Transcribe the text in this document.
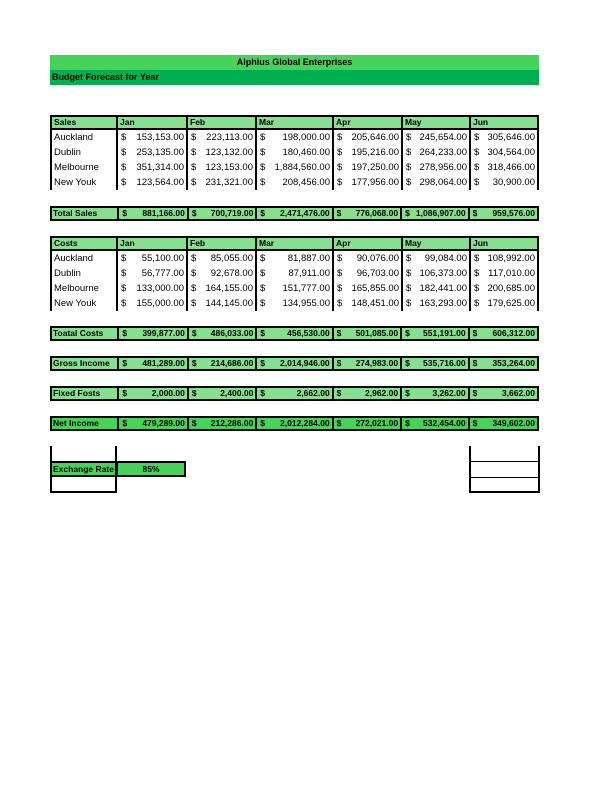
Alphius Global Enterprises
Budget Forecast for Year
Sales	Jan	Feb	Mar	Apr	May	Jun
Auckland	$ 153,153.00 $ 223,113.00 $ 198,000.00 $ 205,646.00 $ 245,654.00 $ 305,646.00
Dublin	$ 253,135.00 $ 123,132.00 $ 180,460.00 $ 195,216.00 $ 264,233.00 $ 304,564.00
Melbourne	$ 351,314.00 $ 123,153.00 $ 1,884,560.00 $ 197,250.00 $ 278,956.00 $ 318,466.00
New Youk	$ 123,564.00 $ 231,321.00 $ 208,456.00 $ 177,956.00 $ 298,064.00 $ 30,900.00
Total Sales	$ 881,166.00 $ 700,719.00 $ 2,471,476.00 $ 776,068.00 $ 1,086,907.00 $ 959,576.00
Costs	Jan	Feb	Mar	Apr	May	Jun
Auckland	$ 55,100.00 $ 85,055.00 $ 81,887.00 $ 90,076.00 $ 99,084.00 $ 108,992.00
Dublin	$ 56,777.00 $ 92,678.00 $ 87,911.00 $ 96,703.00 $ 106,373.00 $ 117,010.00
Melbourne	$ 133,000.00 $ 164,155.00 $ 151,777.00 $ 165,855.00 $ 182,441.00 $ 200,685.00
New Youk	$ 155,000.00 $ 144,145.00 $ 134,955.00 $ 148,451.00 $ 163,293.00 $ 179,625.00
Toatal Costs	$ 399,877.00 $ 486,033.00 $	456,530.00 $ 501,085.00 $ 551,191.00 $ 606,312.00
Gross Income	$ 481,289.00 $ 214,686.00 $ 2,014,946.00 $ 274,983.00 $ 535,716.00 $ 353,264.00
Fixed Fosts	$	2,000.00 $	2,400.00 $	2,662.00 $	2,962.00 $	3,262.00 $	3,662.00
Net Income	$ 479,289.00 $ 212,286.00 $ 2,012,284.00 $ 272,021.00 $ 532,454.00 $ 349,602.00
Exchange Rate	85%
